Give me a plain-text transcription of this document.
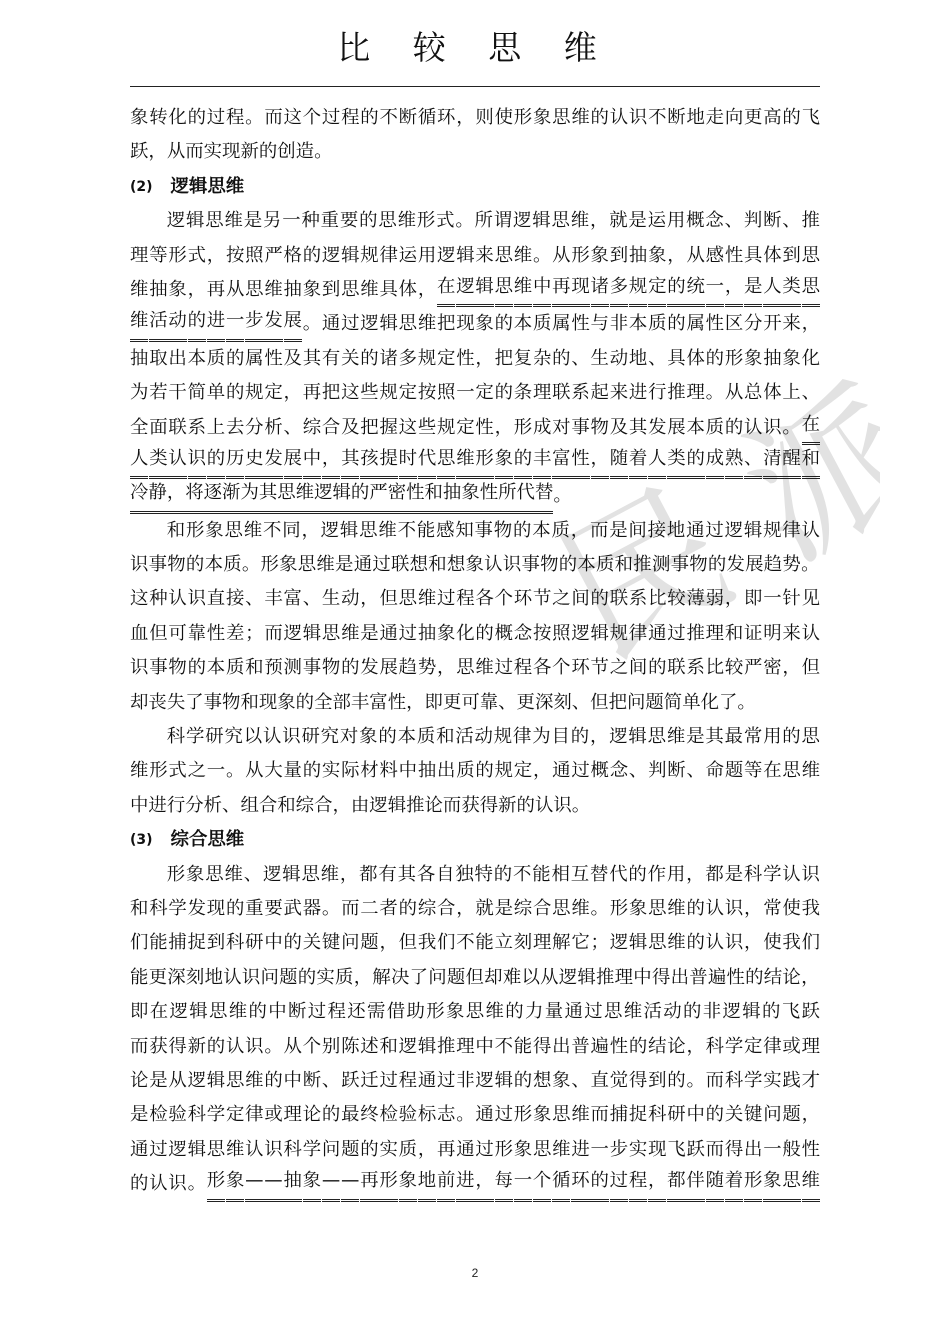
比 较 思 维
民 派
象 转 化 的 过 程 。 而 这 个 过 程 的 不 断 循 环 ， 则 使 形 象 思 维 的 认 识 不 断 地 走 向 更 高 的 飞
跃 ， 从 而 实 现 新 的 创 造 。
(2) 逻辑思维
逻 辑 思 维 是 另 一 种 重 要 的 思 维 形 式 。 所 谓 逻 辑 思 维 ， 就 是 运 用 概 念 、 判 断 、 推
理 等 形 式 ， 按 照 严 格 的 逻 辑 规 律 运 用 逻 辑 来 思 维 。 从 形 象 到 抽 象 ， 从 感 性 具 体 到 思
维 抽 象 ， 再 从 思 维 抽 象 到 思 维 具 体 ， 在 逻 辑 思 维 中 再 现 诸 多 规 定 的 统 一 ， 是 人 类 思
维 活 动 的 进 一 步 发 展 。 通 过 逻 辑 思 维 把 现 象 的 本 质 属 性 与 非 本 质 的 属 性 区 分 开 来 ，
抽 取 出 本 质 的 属 性 及 其 有 关 的 诸 多 规 定 性 ， 把 复 杂 的 、 生 动 地 、 具 体 的 形 象 抽 象 化
为 若 干 简 单 的 规 定 ， 再 把 这 些 规 定 按 照 一 定 的 条 理 联 系 起 来 进 行 推 理 。 从 总 体 上 、
全 面 联 系 上 去 分 析 、 综 合 及 把 握 这 些 规 定 性 ， 形 成 对 事 物 及 其 发 展 本 质 的 认 识 。 在
人 类 认 识 的 历 史 发 展 中 ， 其 孩 提 时 代 思 维 形 象 的 丰 富 性 ， 随 着 人 类 的 成 熟 、 清 醒 和
冷 静 ， 将 逐 渐 为 其 思 维 逻 辑 的 严 密 性 和 抽 象 性 所 代 替 。
和 形 象 思 维 不 同 ， 逻 辑 思 维 不 能 感 知 事 物 的 本 质 ， 而 是 间 接 地 通 过 逻 辑 规 律 认
识 事 物 的 本 质 。 形 象 思 维 是 通 过 联 想 和 想 象 认 识 事 物 的 本 质 和 推 测 事 物 的 发 展 趋 势 。
这 种 认 识 直 接 、 丰 富 、 生 动 ， 但 思 维 过 程 各 个 环 节 之 间 的 联 系 比 较 薄 弱 ， 即 一 针 见
血 但 可 靠 性 差 ； 而 逻 辑 思 维 是 通 过 抽 象 化 的 概 念 按 照 逻 辑 规 律 通 过 推 理 和 证 明 来 认
识 事 物 的 本 质 和 预 测 事 物 的 发 展 趋 势 ， 思 维 过 程 各 个 环 节 之 间 的 联 系 比 较 严 密 ， 但
却 丧 失 了 事 物 和 现 象 的 全 部 丰 富 性 ， 即 更 可 靠 、 更 深 刻 、 但 把 问 题 简 单 化 了 。
科 学 研 究 以 认 识 研 究 对 象 的 本 质 和 活 动 规 律 为 目 的 ， 逻 辑 思 维 是 其 最 常 用 的 思
维 形 式 之 一 。 从 大 量 的 实 际 材 料 中 抽 出 质 的 规 定 ， 通 过 概 念 、 判 断 、 命 题 等 在 思 维
中 进 行 分 析 、 组 合 和 综 合 ， 由 逻 辑 推 论 而 获 得 新 的 认 识 。
(3) 综合思维
形 象 思 维 、 逻 辑 思 维 ， 都 有 其 各 自 独 特 的 不 能 相 互 替 代 的 作 用 ， 都 是 科 学 认 识
和 科 学 发 现 的 重 要 武 器 。 而 二 者 的 综 合 ， 就 是 综 合 思 维 。 形 象 思 维 的 认 识 ， 常 使 我
们 能 捕 捉 到 科 研 中 的 关 键 问 题 ， 但 我 们 不 能 立 刻 理 解 它 ； 逻 辑 思 维 的 认 识 ， 使 我 们
能 更 深 刻 地 认 识 问 题 的 实 质 ， 解 决 了 问 题 但 却 难 以 从 逻 辑 推 理 中 得 出 普 遍 性 的 结 论 ，
即 在 逻 辑 思 维 的 中 断 过 程 还 需 借 助 形 象 思 维 的 力 量 通 过 思 维 活 动 的 非 逻 辑 的 飞 跃
而 获 得 新 的 认 识 。 从 个 别 陈 述 和 逻 辑 推 理 中 不 能 得 出 普 遍 性 的 结 论 ， 科 学 定 律 或 理
论 是 从 逻 辑 思 维 的 中 断 、 跃 迁 过 程 通 过 非 逻 辑 的 想 象 、 直 觉 得 到 的 。 而 科 学 实 践 才
是 检 验 科 学 定 律 或 理 论 的 最 终 检 验 标 志 。 通 过 形 象 思 维 而 捕 捉 科 研 中 的 关 键 问 题 ，
通 过 逻 辑 思 维 认 识 科 学 问 题 的 实 质 ， 再 通 过 形 象 思 维 进 一 步 实 现 飞 跃 而 得 出 一 般 性
的 认 识 。 形 象 — — 抽 象 — — 再 形 象 地 前 进 ， 每 一 个 循 环 的 过 程 ， 都 伴 随 着 形 象 思 维
2
